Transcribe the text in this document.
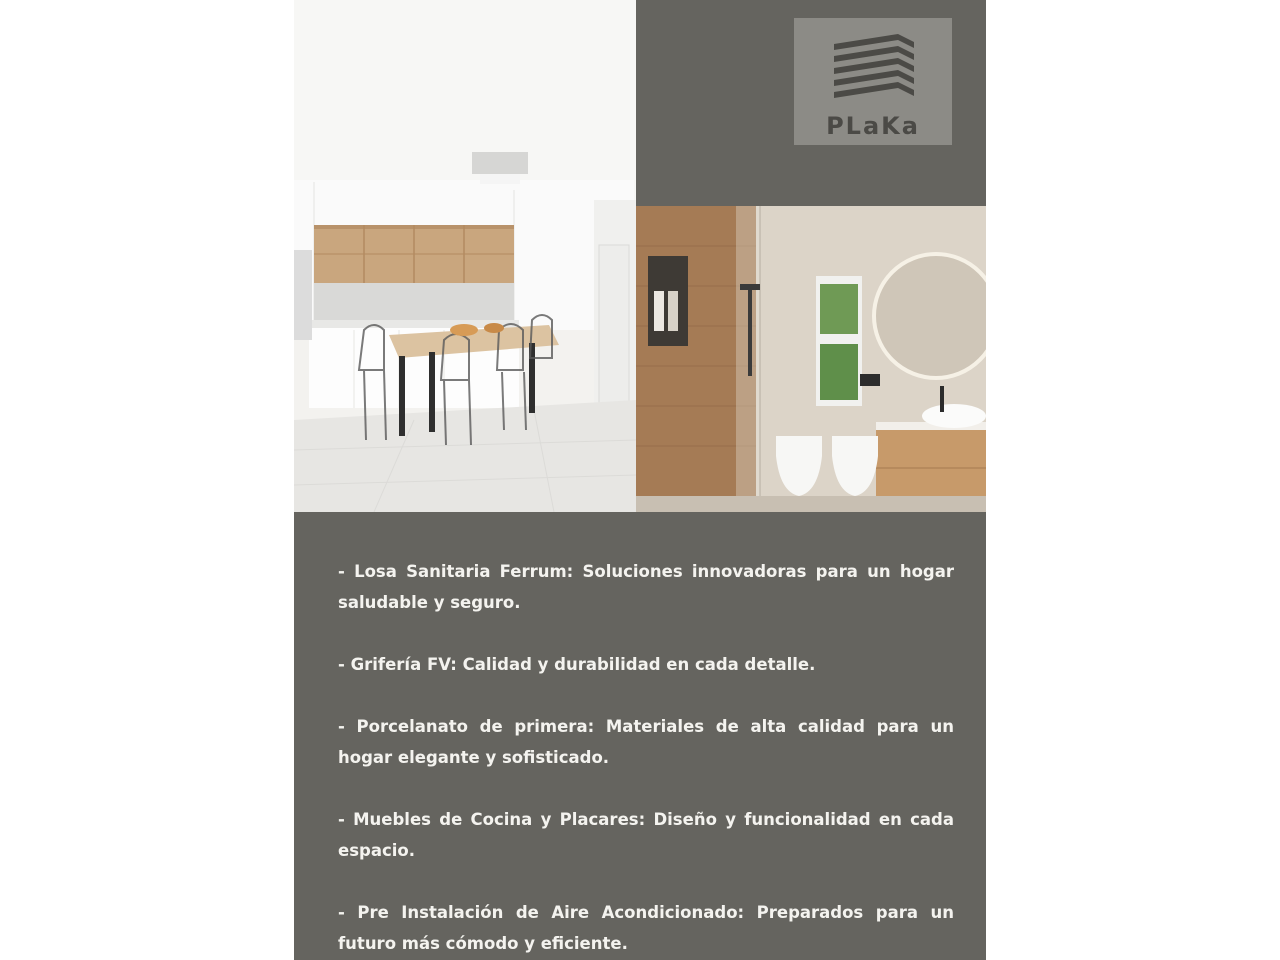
PLaKa

- Losa Sanitaria Ferrum: Soluciones innovadoras para un hogar saludable y seguro.

- Grifería FV: Calidad y durabilidad en cada detalle.

- Porcelanato de primera: Materiales de alta calidad para un hogar elegante y sofisticado.

- Muebles de Cocina y Placares: Diseño y funcionalidad en cada espacio.

- Pre Instalación de Aire Acondicionado: Preparados para un futuro más cómodo y eficiente.
